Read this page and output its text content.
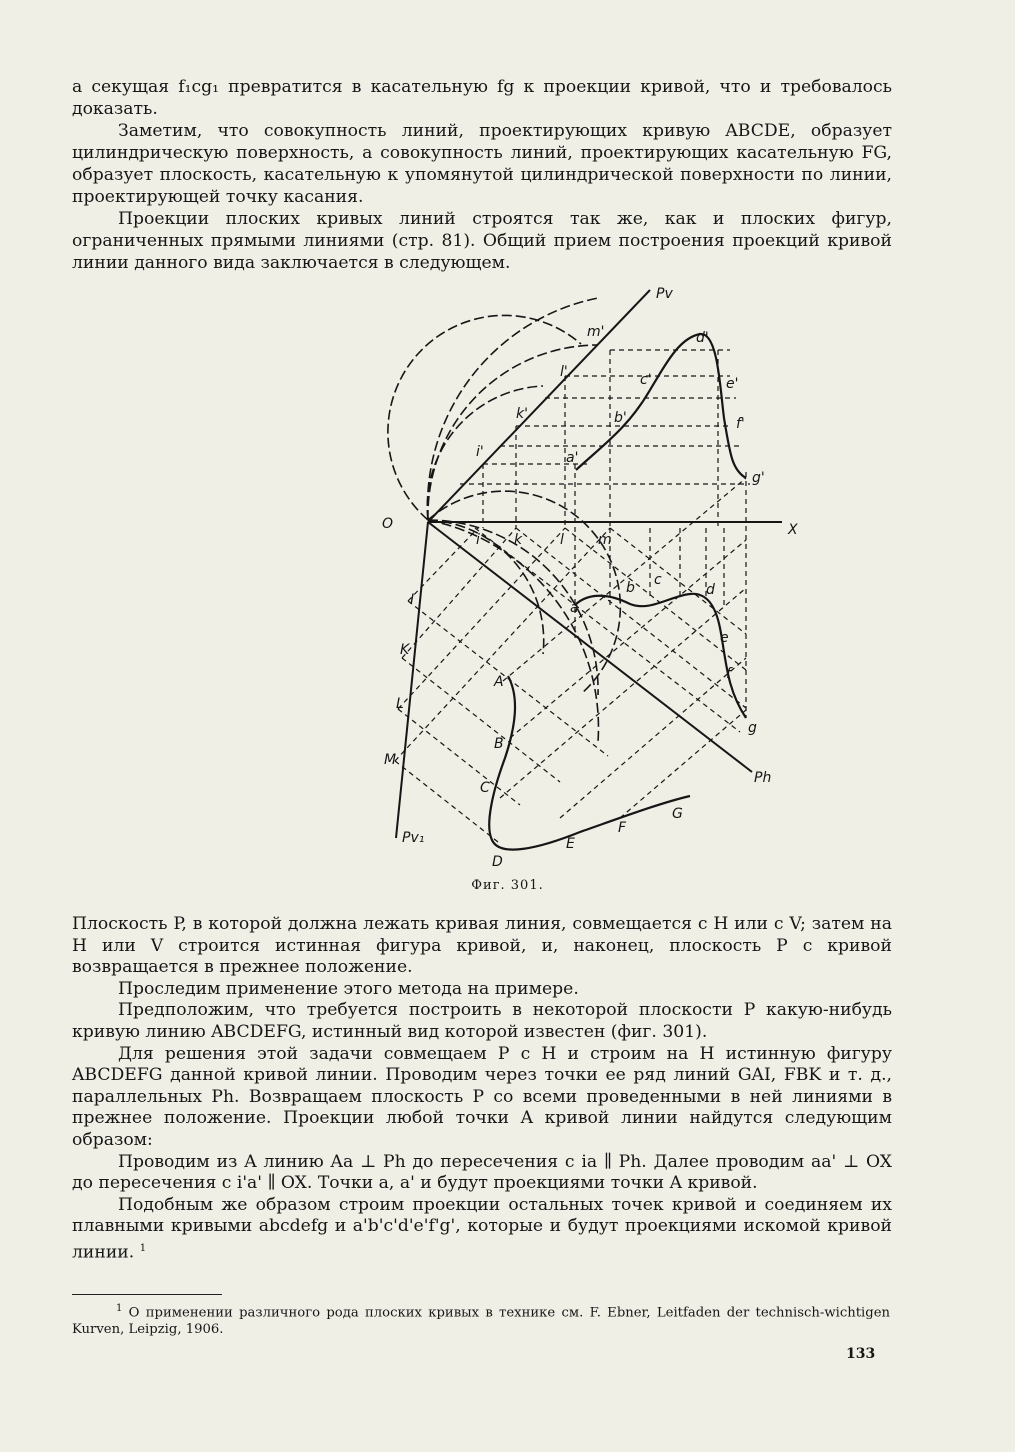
а секущая f₁cg₁ превратится в касательную fg к проекции кривой, что и требовалось доказать.

Заметим, что совокупность линий, проектирующих кривую ABCDE, образует цилиндрическую поверхность, а совокупность линий, проектирующих касательную FG, образует плоскость, касательную к упомянутой цилиндрической поверхности по линии, проектирующей точку касания.

Проекции плоских кривых линий строятся так же, как и плоских фигур, ограниченных прямыми линиями (стр. 81). Общий прием построения проекций кривой линии данного вида заключается в следующем.

Pv
m'	d'
l'	c'	e'
k'	b'	f'
i'	a'
g'
O	X
i k	l m
b c
d
a
I
e
K
f
A
L
g
B
M
Ph
C
G
F
Pv₁	E
D
Фиг. 301.

Плоскость P, в которой должна лежать кривая линия, совмещается с H или с V; затем на H или V строится истинная фигура кривой, и, наконец, плоскость P с кривой возвращается в прежнее положение.

Проследим применение этого метода на примере.

Предположим, что требуется построить в некоторой плоскости P какую-нибудь кривую линию ABCDEFG, истинный вид которой известен (фиг. 301).

Для решения этой задачи совмещаем P с H и строим на H истинную фигуру ABCDEFG данной кривой линии. Проводим через точки ее ряд линий GAI, FBK и т. д., параллельных Ph. Возвращаем плоскость P со всеми проведенными в ней линиями в прежнее положение. Проекции любой точки A кривой линии найдутся следующим образом:

Проводим из A линию Aa ⊥ Ph до пересечения с ia ∥ Ph. Далее проводим aa' ⊥ OX до пересечения с i'a' ∥ OX. Точки a, a' и будут проекциями точки A кривой.

Подобным же образом строим проекции остальных точек кривой и соединяем их плавными кривыми abcdefg и a'b'c'd'e'f'g', которые и будут проекциями искомой кривой линии. $^1$

$^1$ О применении различного рода плоских кривых в технике см. F. Ebner, Leitfaden der technisch-wichtigen Kurven, Leipzig, 1906.
133
